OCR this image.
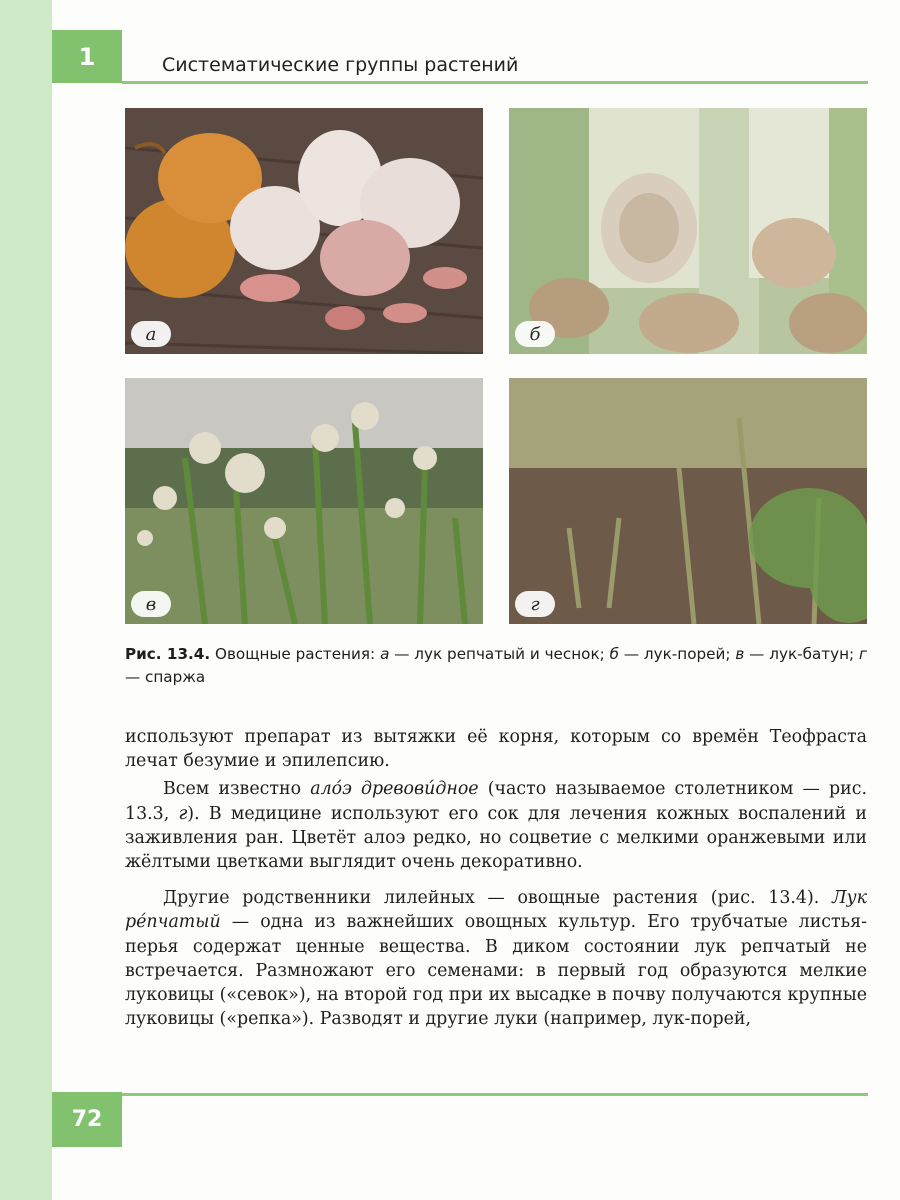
1	Систематические группы растений
а	б
в	г
Рис. 13.4. Овощные растения: а — лук репчатый и чеснок; б — лук-порей; в — лук-батун; г — спаржа

используют препарат из вытяжки её корня, которым со времён Теофраста лечат безумие и эпилепсию.

Всем известно ало́э древови́дное (часто называемое столетником — рис. 13.3, г). В медицине используют его сок для лечения кожных воспалений и заживления ран. Цветёт алоэ редко, но соцветие с мелкими оранжевыми или жёлтыми цветками выглядит очень декоративно.

Другие родственники лилейных — овощные растения (рис. 13.4). Лук ре́пчатый — одна из важнейших овощных культур. Его трубчатые листья-перья содержат ценные вещества. В диком состоянии лук репчатый не встречается. Размножают его семенами: в первый год образуются мелкие луковицы («севок»), на второй год при их высадке в почву получаются крупные луковицы («репка»). Разводят и другие луки (например, лук-порей,

72
